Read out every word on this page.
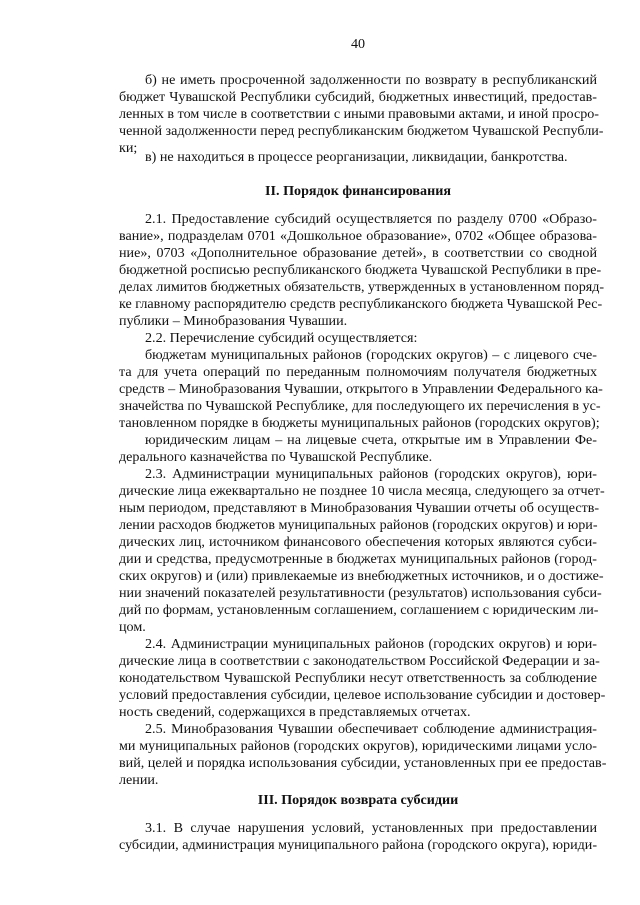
40
б) не иметь просроченной задолженности по возврату в республиканский
бюджет Чувашской Республики субсидий, бюджетных инвестиций, предостав-
ленных в том числе в соответствии с иными правовыми актами, и иной просро-
ченной задолженности перед республиканским бюджетом Чувашской Республи-
ки;
в) не находиться в процессе реорганизации, ликвидации, банкротства.
II. Порядок финансирования
2.1. Предоставление субсидий осуществляется по разделу 0700 «Образо-
вание», подразделам 0701 «Дошкольное образование», 0702 «Общее образова-
ние», 0703 «Дополнительное образование детей», в соответствии со сводной
бюджетной росписью республиканского бюджета Чувашской Республики в пре-
делах лимитов бюджетных обязательств, утвержденных в установленном поряд-
ке главному распорядителю средств республиканского бюджета Чувашской Рес-
публики – Минобразования Чувашии.
2.2. Перечисление субсидий осуществляется:
бюджетам муниципальных районов (городских округов) – с лицевого сче-
та для учета операций по переданным полномочиям получателя бюджетных
средств – Минобразования Чувашии, открытого в Управлении Федерального ка-
значейства по Чувашской Республике, для последующего их перечисления в ус-
тановленном порядке в бюджеты муниципальных районов (городских округов);
юридическим лицам – на лицевые счета, открытые им в Управлении Фе-
дерального казначейства по Чувашской Республике.
2.3. Администрации муниципальных районов (городских округов), юри-
дические лица ежеквартально не позднее 10 числа месяца, следующего за отчет-
ным периодом, представляют в Минобразования Чувашии отчеты об осуществ-
лении расходов бюджетов муниципальных районов (городских округов) и юри-
дических лиц, источником финансового обеспечения которых являются субси-
дии и средства, предусмотренные в бюджетах муниципальных районов (город-
ских округов) и (или) привлекаемые из внебюджетных источников, и о достиже-
нии значений показателей результативности (результатов) использования субси-
дий по формам, установленным соглашением, соглашением с юридическим ли-
цом.
2.4. Администрации муниципальных районов (городских округов) и юри-
дические лица в соответствии с законодательством Российской Федерации и за-
конодательством Чувашской Республики несут ответственность за соблюдение
условий предоставления субсидии, целевое использование субсидии и достовер-
ность сведений, содержащихся в представляемых отчетах.
2.5. Минобразования Чувашии обеспечивает соблюдение администрация-
ми муниципальных районов (городских округов), юридическими лицами усло-
вий, целей и порядка использования субсидии, установленных при ее предостав-
лении.
III. Порядок возврата субсидии
3.1. В случае нарушения условий, установленных при предоставлении
субсидии, администрация муниципального района (городского округа), юриди-
